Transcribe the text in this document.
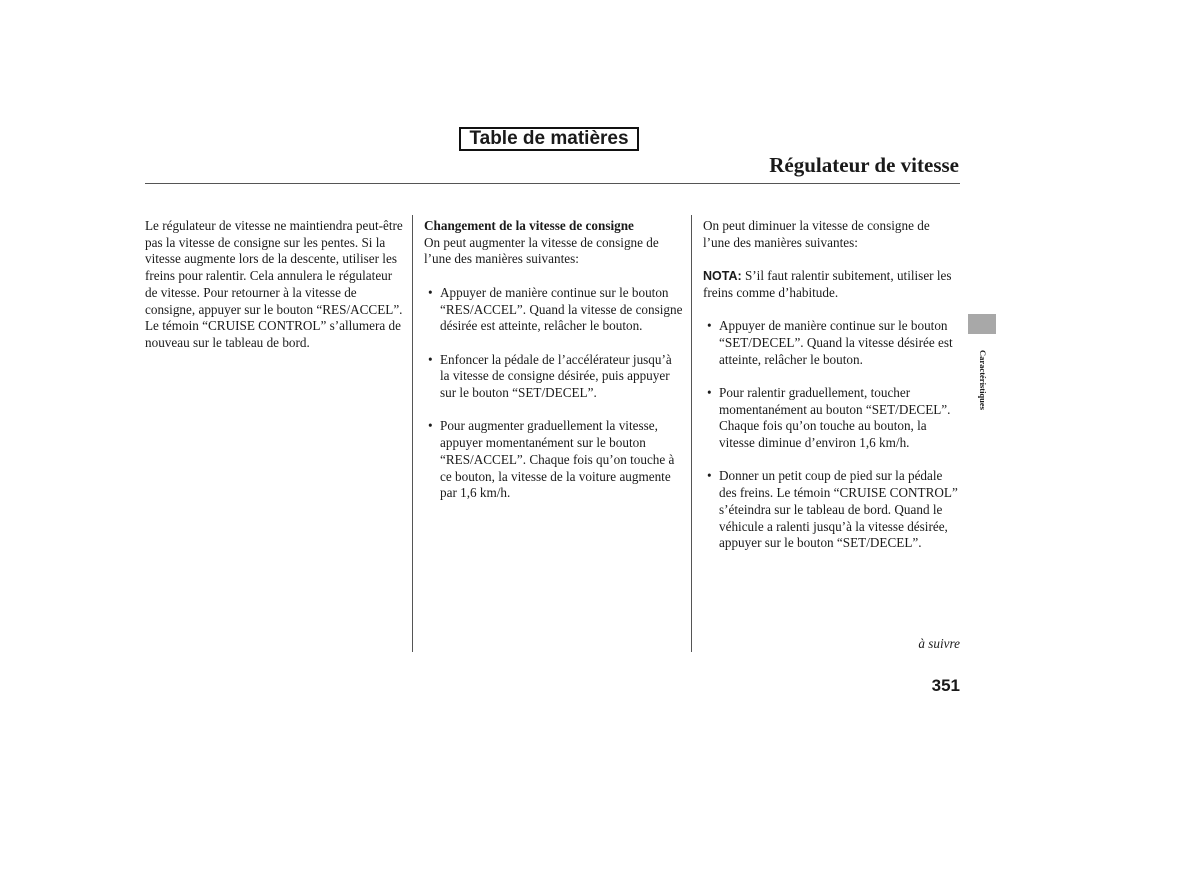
Table de matières
Régulateur de vitesse

Le régulateur de vitesse ne maintiendra peut-être pas la vitesse de consigne sur les pentes. Si la vitesse augmente lors de la descente, utiliser les freins pour ralentir. Cela annulera le régulateur de vitesse. Pour retourner à la vitesse de consigne, appuyer sur le bouton “RES/ACCEL”. Le témoin “CRUISE CONTROL” s’allumera de nouveau sur le tableau de bord.

Changement de la vitesse de consigne

On peut augmenter la vitesse de consigne de l’une des manières suivantes:

• Appuyer de manière continue sur le bouton “RES/ACCEL”. Quand la vitesse de consigne désirée est atteinte, relâcher le bouton.
• Enfoncer la pédale de l’accélérateur jusqu’à la vitesse de consigne désirée, puis appuyer sur le bouton “SET/DECEL”.
• Pour augmenter graduellement la vitesse, appuyer momentanément sur le bouton “RES/ACCEL”. Chaque fois qu’on touche à ce bouton, la vitesse de la voiture augmente par 1,6 km/h.

On peut diminuer la vitesse de consigne de l’une des manières suivantes:

NOTA: S’il faut ralentir subitement, utiliser les freins comme d’habitude.

• Appuyer de manière continue sur le bouton “SET/DECEL”. Quand la vitesse désirée est atteinte, relâcher le bouton.
• Pour ralentir graduellement, toucher momentanément au bouton “SET/DECEL”. Chaque fois qu’on touche au bouton, la vitesse diminue d’environ 1,6 km/h.
• Donner un petit coup de pied sur la pédale des freins. Le témoin “CRUISE CONTROL” s’éteindra sur le tableau de bord. Quand le véhicule a ralenti jusqu’à la vitesse désirée, appuyer sur le bouton “SET/DECEL”.
Caractéristiques
à suivre
351
